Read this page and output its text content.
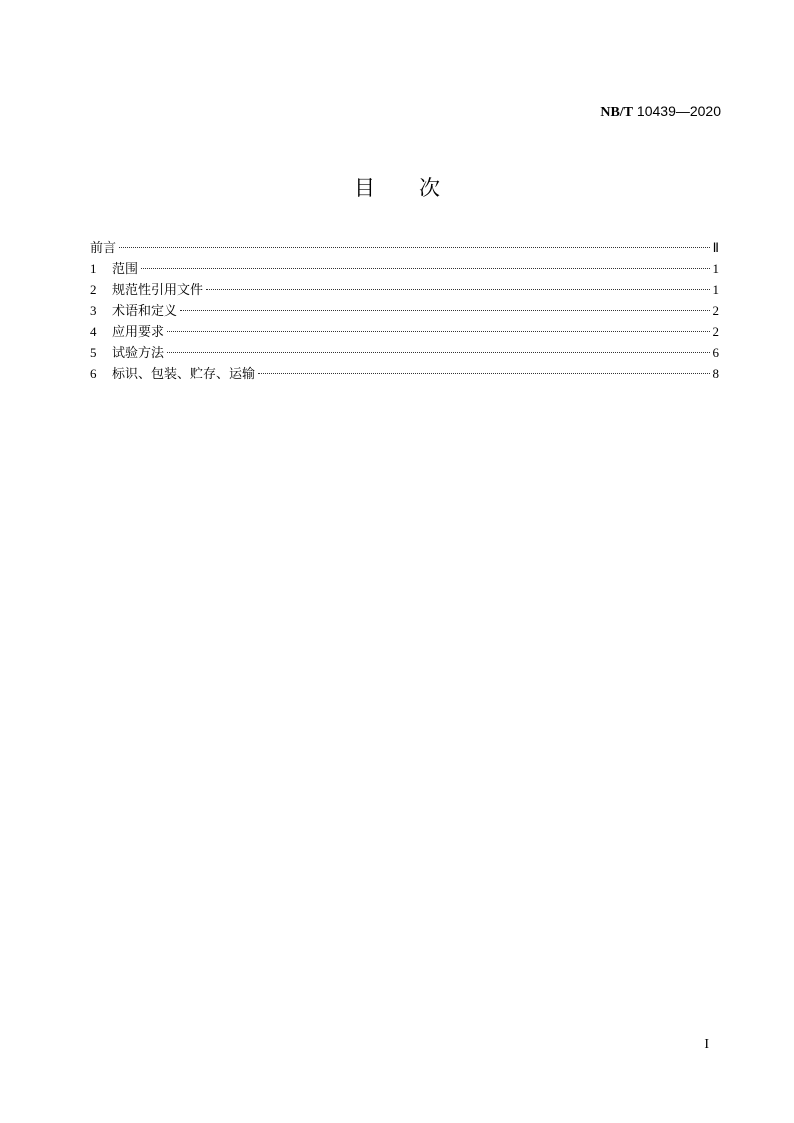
NB/T 10439—2020
目次
前言	Ⅱ
1	范围	1
2	规范性引用文件	1
3	术语和定义	2
4	应用要求	2
5	试验方法	6
6	标识、包装、贮存、运输	8
I
